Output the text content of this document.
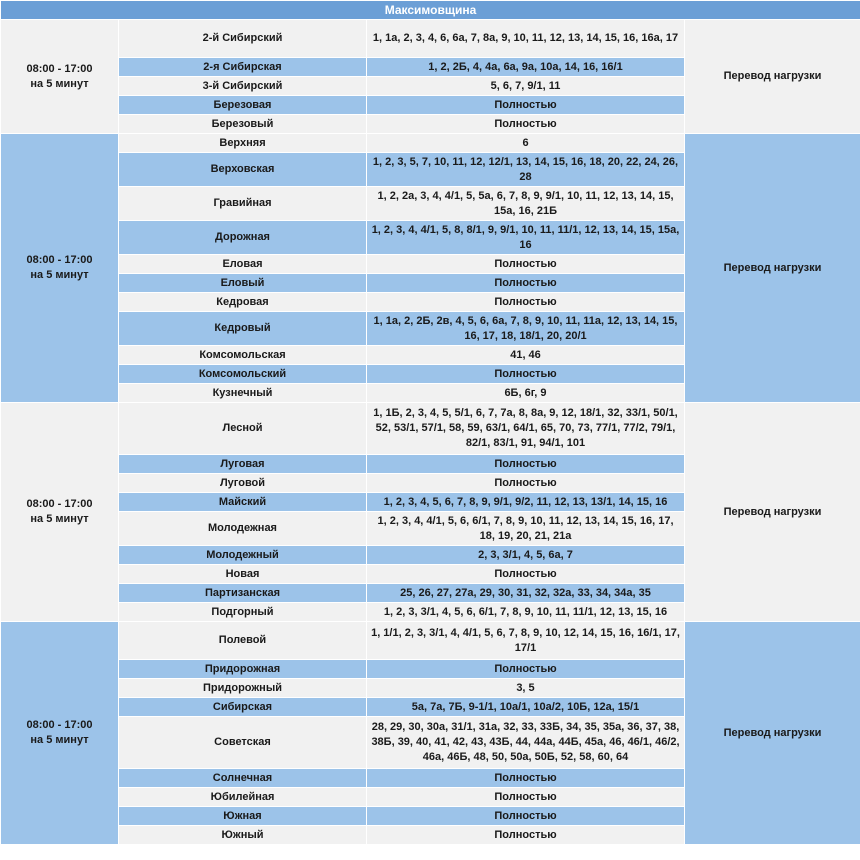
Максимовщина			

08:00 - 17:00
на 5 минут	2-й Сибирский	1, 1а, 2, 3, 4, 6, 6а, 7, 8а, 9, 10, 11, 12, 13, 14, 15, 16, 16а, 17	Перевод нагрузки
	2-я Сибирская	1, 2, 2Б, 4, 4а, 6а, 9а, 10а, 14, 16, 16/1	
	3-й Сибирский	5, 6, 7, 9/1, 11	
	Березовая	Полностью	
	Березовый	Полностью	

08:00 - 17:00
на 5 минут	Верхняя	6	Перевод нагрузки
	Верховская	1, 2, 3, 5, 7, 10, 11, 12, 12/1, 13, 14, 15, 16, 18, 20, 22, 24, 26, 28	
	Гравийная	1, 2, 2а, 3, 4, 4/1, 5, 5а, 6, 7, 8, 9, 9/1, 10, 11, 12, 13, 14, 15, 15а, 16, 21Б	
	Дорожная	1, 2, 3, 4, 4/1, 5, 8, 8/1, 9, 9/1, 10, 11, 11/1, 12, 13, 14, 15, 15а, 16	
	Еловая	Полностью	
	Еловый	Полностью	
	Кедровая	Полностью	
	Кедровый	1, 1а, 2, 2Б, 2в, 4, 5, 6, 6а, 7, 8, 9, 10, 11, 11а, 12, 13, 14, 15, 16, 17, 18, 18/1, 20, 20/1	
	Комсомольская	41, 46	
	Комсомольский	Полностью	
	Кузнечный	6Б, 6г, 9	

08:00 - 17:00
на 5 минут	Лесной	1, 1Б, 2, 3, 4, 5, 5/1, 6, 7, 7а, 8, 8а, 9, 12, 18/1, 32, 33/1, 50/1, 52, 53/1, 57/1, 58, 59, 63/1, 64/1, 65, 70, 73, 77/1, 77/2, 79/1, 82/1, 83/1, 91, 94/1, 101	Перевод нагрузки
	Луговая	Полностью	
	Луговой	Полностью	
	Майский	1, 2, 3, 4, 5, 6, 7, 8, 9, 9/1, 9/2, 11, 12, 13, 13/1, 14, 15, 16	
	Молодежная	1, 2, 3, 4, 4/1, 5, 6, 6/1, 7, 8, 9, 10, 11, 12, 13, 14, 15, 16, 17, 18, 19, 20, 21, 21а	
	Молодежный	2, 3, 3/1, 4, 5, 6а, 7	
	Новая	Полностью	
	Партизанская	25, 26, 27, 27а, 29, 30, 31, 32, 32а, 33, 34, 34а, 35	
	Подгорный	1, 2, 3, 3/1, 4, 5, 6, 6/1, 7, 8, 9, 10, 11, 11/1, 12, 13, 15, 16	

08:00 - 17:00
на 5 минут	Полевой	1, 1/1, 2, 3, 3/1, 4, 4/1, 5, 6, 7, 8, 9, 10, 12, 14, 15, 16, 16/1, 17, 17/1	Перевод нагрузки
	Придорожная	Полностью	
	Придорожный	3, 5	
	Сибирская	5а, 7а, 7Б, 9-1/1, 10а/1, 10а/2, 10Б, 12а, 15/1	
	Советская	28, 29, 30, 30а, 31/1, 31а, 32, 33, 33Б, 34, 35, 35а, 36, 37, 38, 38Б, 39, 40, 41, 42, 43, 43Б, 44, 44а, 44Б, 45а, 46, 46/1, 46/2, 46а, 46Б, 48, 50, 50а, 50Б, 52, 58, 60, 64	
	Солнечная	Полностью	
	Юбилейная	Полностью	
	Южная	Полностью	
	Южный	Полностью	
